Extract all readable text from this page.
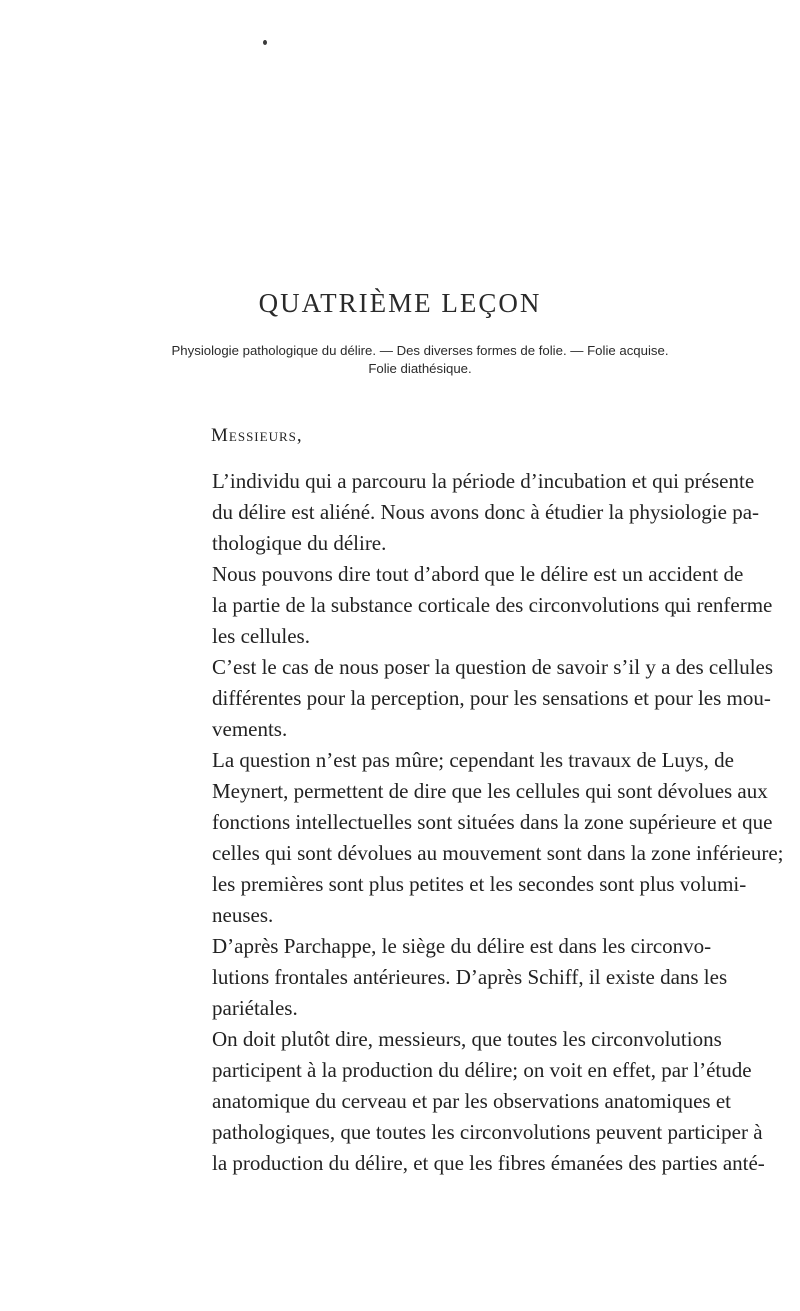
QUATRIÈME LEÇON
Physiologie pathologique du délire. — Des diverses formes de folie. — Folie acquise.
Folie diathésique.
Messieurs,
L’individu qui a parcouru la période d’incubation et qui présente
du délire est aliéné. Nous avons donc à étudier la physiologie pa-
thologique du délire.
Nous pouvons dire tout d’abord que le délire est un accident de
la partie de la substance corticale des circonvolutions qui renferme
les cellules.
C’est le cas de nous poser la question de savoir s’il y a des cellules
différentes pour la perception, pour les sensations et pour les mou-
vements.
La question n’est pas mûre; cependant les travaux de Luys, de
Meynert, permettent de dire que les cellules qui sont dévolues aux
fonctions intellectuelles sont situées dans la zone supérieure et que
celles qui sont dévolues au mouvement sont dans la zone inférieure;
les premières sont plus petites et les secondes sont plus volumi-
neuses.
D’après Parchappe, le siège du délire est dans les circonvo-
lutions frontales antérieures. D’après Schiff, il existe dans les
pariétales.
On doit plutôt dire, messieurs, que toutes les circonvolutions
participent à la production du délire; on voit en effet, par l’étude
anatomique du cerveau et par les observations anatomiques et
pathologiques, que toutes les circonvolutions peuvent participer à
la production du délire, et que les fibres émanées des parties anté-
